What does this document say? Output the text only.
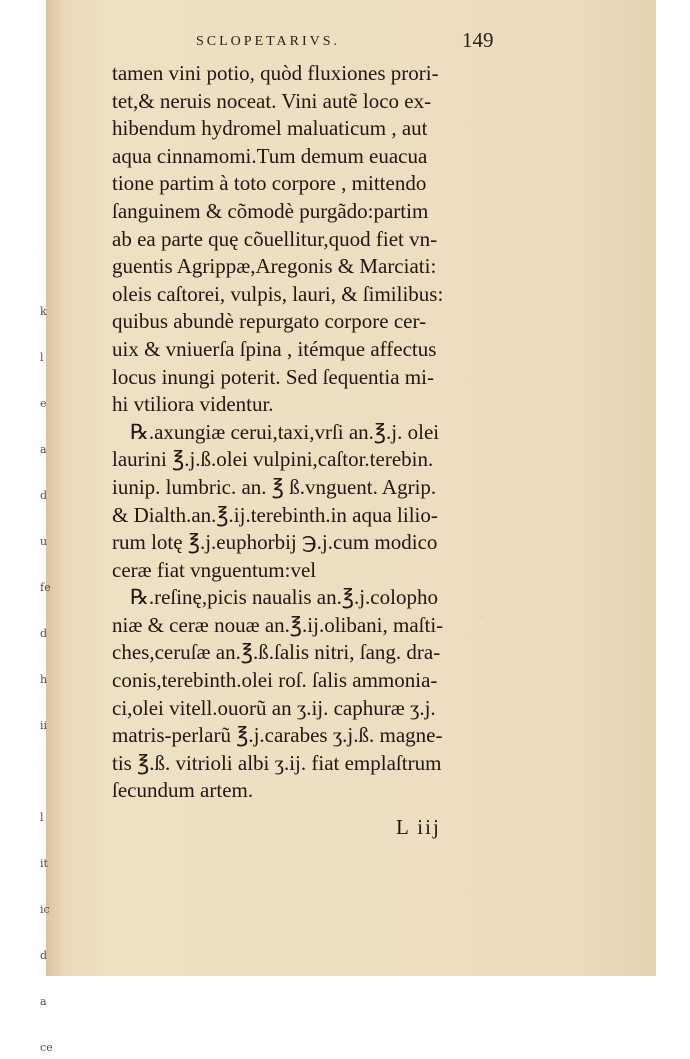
k

l

e

a

d

u

fe

d

h

ii

l

it

ic

d

a

ce
·
SCLOPETARIVS.	149
tamen vini potio, quòd fluxiones prori-
tet,& neruis noceat. Vini autẽ loco ex-
hibendum hydromel maluaticum , aut
aqua cinnamomi.Tum demum euacua
tione partim à toto corpore , mittendo
ſanguinem & cõmodè purgãdo:partim
ab ea parte quę cõuellitur,quod fiet vn-
guentis Agrippæ,Aregonis & Marciati:
oleis caſtorei, vulpis, lauri, & ſimilibus:
quibus abundè repurgato corpore cer-
uix & vniuerſa ſpina , itémque affectus
locus inungi poterit. Sed ſequentia mi-
hi vtiliora videntur.
℞.axungiæ cerui,taxi,vrſi an.℥.j. olei
laurini ℥.j.ß.olei vulpini,caſtor.terebin.
iunip. lumbric. an. ℥ ß.vnguent. Agrip.
& Dialth.an.℥.ij.terebinth.in aqua lilio-
rum lotę ℥.j.euphorbij ℈.j.cum modico
ceræ fiat vnguentum:vel
℞.reſinę,picis naualis an.℥.j.colopho
niæ & ceræ nouæ an.℥.ij.olibani, maſti-
ches,ceruſæ an.℥.ß.ſalis nitri, ſang. dra-
conis,terebinth.olei roſ. ſalis ammonia-
ci,olei vitell.ouorũ an ʒ.ij. caphuræ ʒ.j.
matris-perlarũ ℥.j.carabes ʒ.j.ß. magne-
tis ℥.ß. vitrioli albi ʒ.ij. fiat emplaſtrum
ſecundum artem.
L iij
